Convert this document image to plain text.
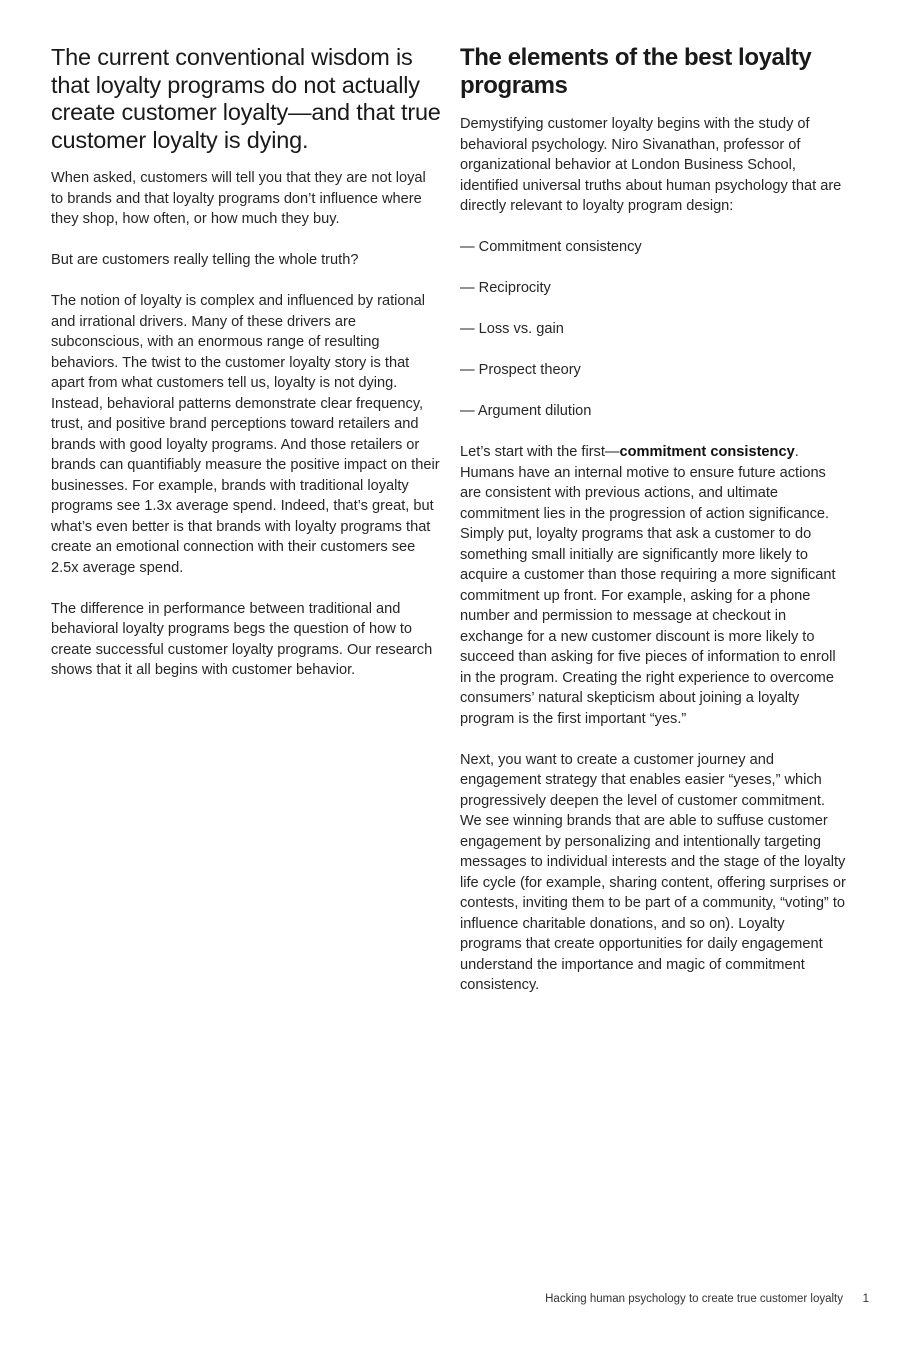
The current conventional wisdom is that loyalty programs do not actually create customer loyalty—and that true customer loyalty is dying.

When asked, customers will tell you that they are not loyal to brands and that loyalty programs don’t influence where they shop, how often, or how much they buy.

But are customers really telling the whole truth?

The notion of loyalty is complex and influenced by rational and irrational drivers. Many of these drivers are subconscious, with an enormous range of resulting behaviors. The twist to the customer loyalty story is that apart from what customers tell us, loyalty is not dying. Instead, behavioral patterns demonstrate clear frequency, trust, and positive brand perceptions toward retailers and brands with good loyalty programs. And those retailers or brands can quantifiably measure the positive impact on their businesses. For example, brands with traditional loyalty programs see 1.3x average spend. Indeed, that’s great, but what’s even better is that brands with loyalty programs that create an emotional connection with their customers see 2.5x average spend.

The difference in performance between traditional and behavioral loyalty programs begs the question of how to create successful customer loyalty programs. Our research shows that it all begins with customer behavior.

The elements of the best loyalty programs

Demystifying customer loyalty begins with the study of behavioral psychology. Niro Sivanathan, professor of organizational behavior at London Business School, identified universal truths about human psychology that are directly relevant to loyalty program design:

— Commitment consistency
— Reciprocity
— Loss vs. gain
— Prospect theory
— Argument dilution

Let’s start with the first—commitment consistency. Humans have an internal motive to ensure future actions are consistent with previous actions, and ultimate commitment lies in the progression of action significance. Simply put, loyalty programs that ask a customer to do something small initially are significantly more likely to acquire a customer than those requiring a more significant commitment up front. For example, asking for a phone number and permission to message at checkout in exchange for a new customer discount is more likely to succeed than asking for five pieces of information to enroll in the program. Creating the right experience to overcome consumers’ natural skepticism about joining a loyalty program is the first important “yes.”

Next, you want to create a customer journey and engagement strategy that enables easier “yeses,” which progressively deepen the level of customer commitment. We see winning brands that are able to suffuse customer engagement by personalizing and intentionally targeting messages to individual interests and the stage of the loyalty life cycle (for example, sharing content, offering surprises or contests, inviting them to be part of a community, “voting” to influence charitable donations, and so on). Loyalty programs that create opportunities for daily engagement understand the importance and magic of commitment consistency.

Hacking human psychology to create true customer loyalty 1
